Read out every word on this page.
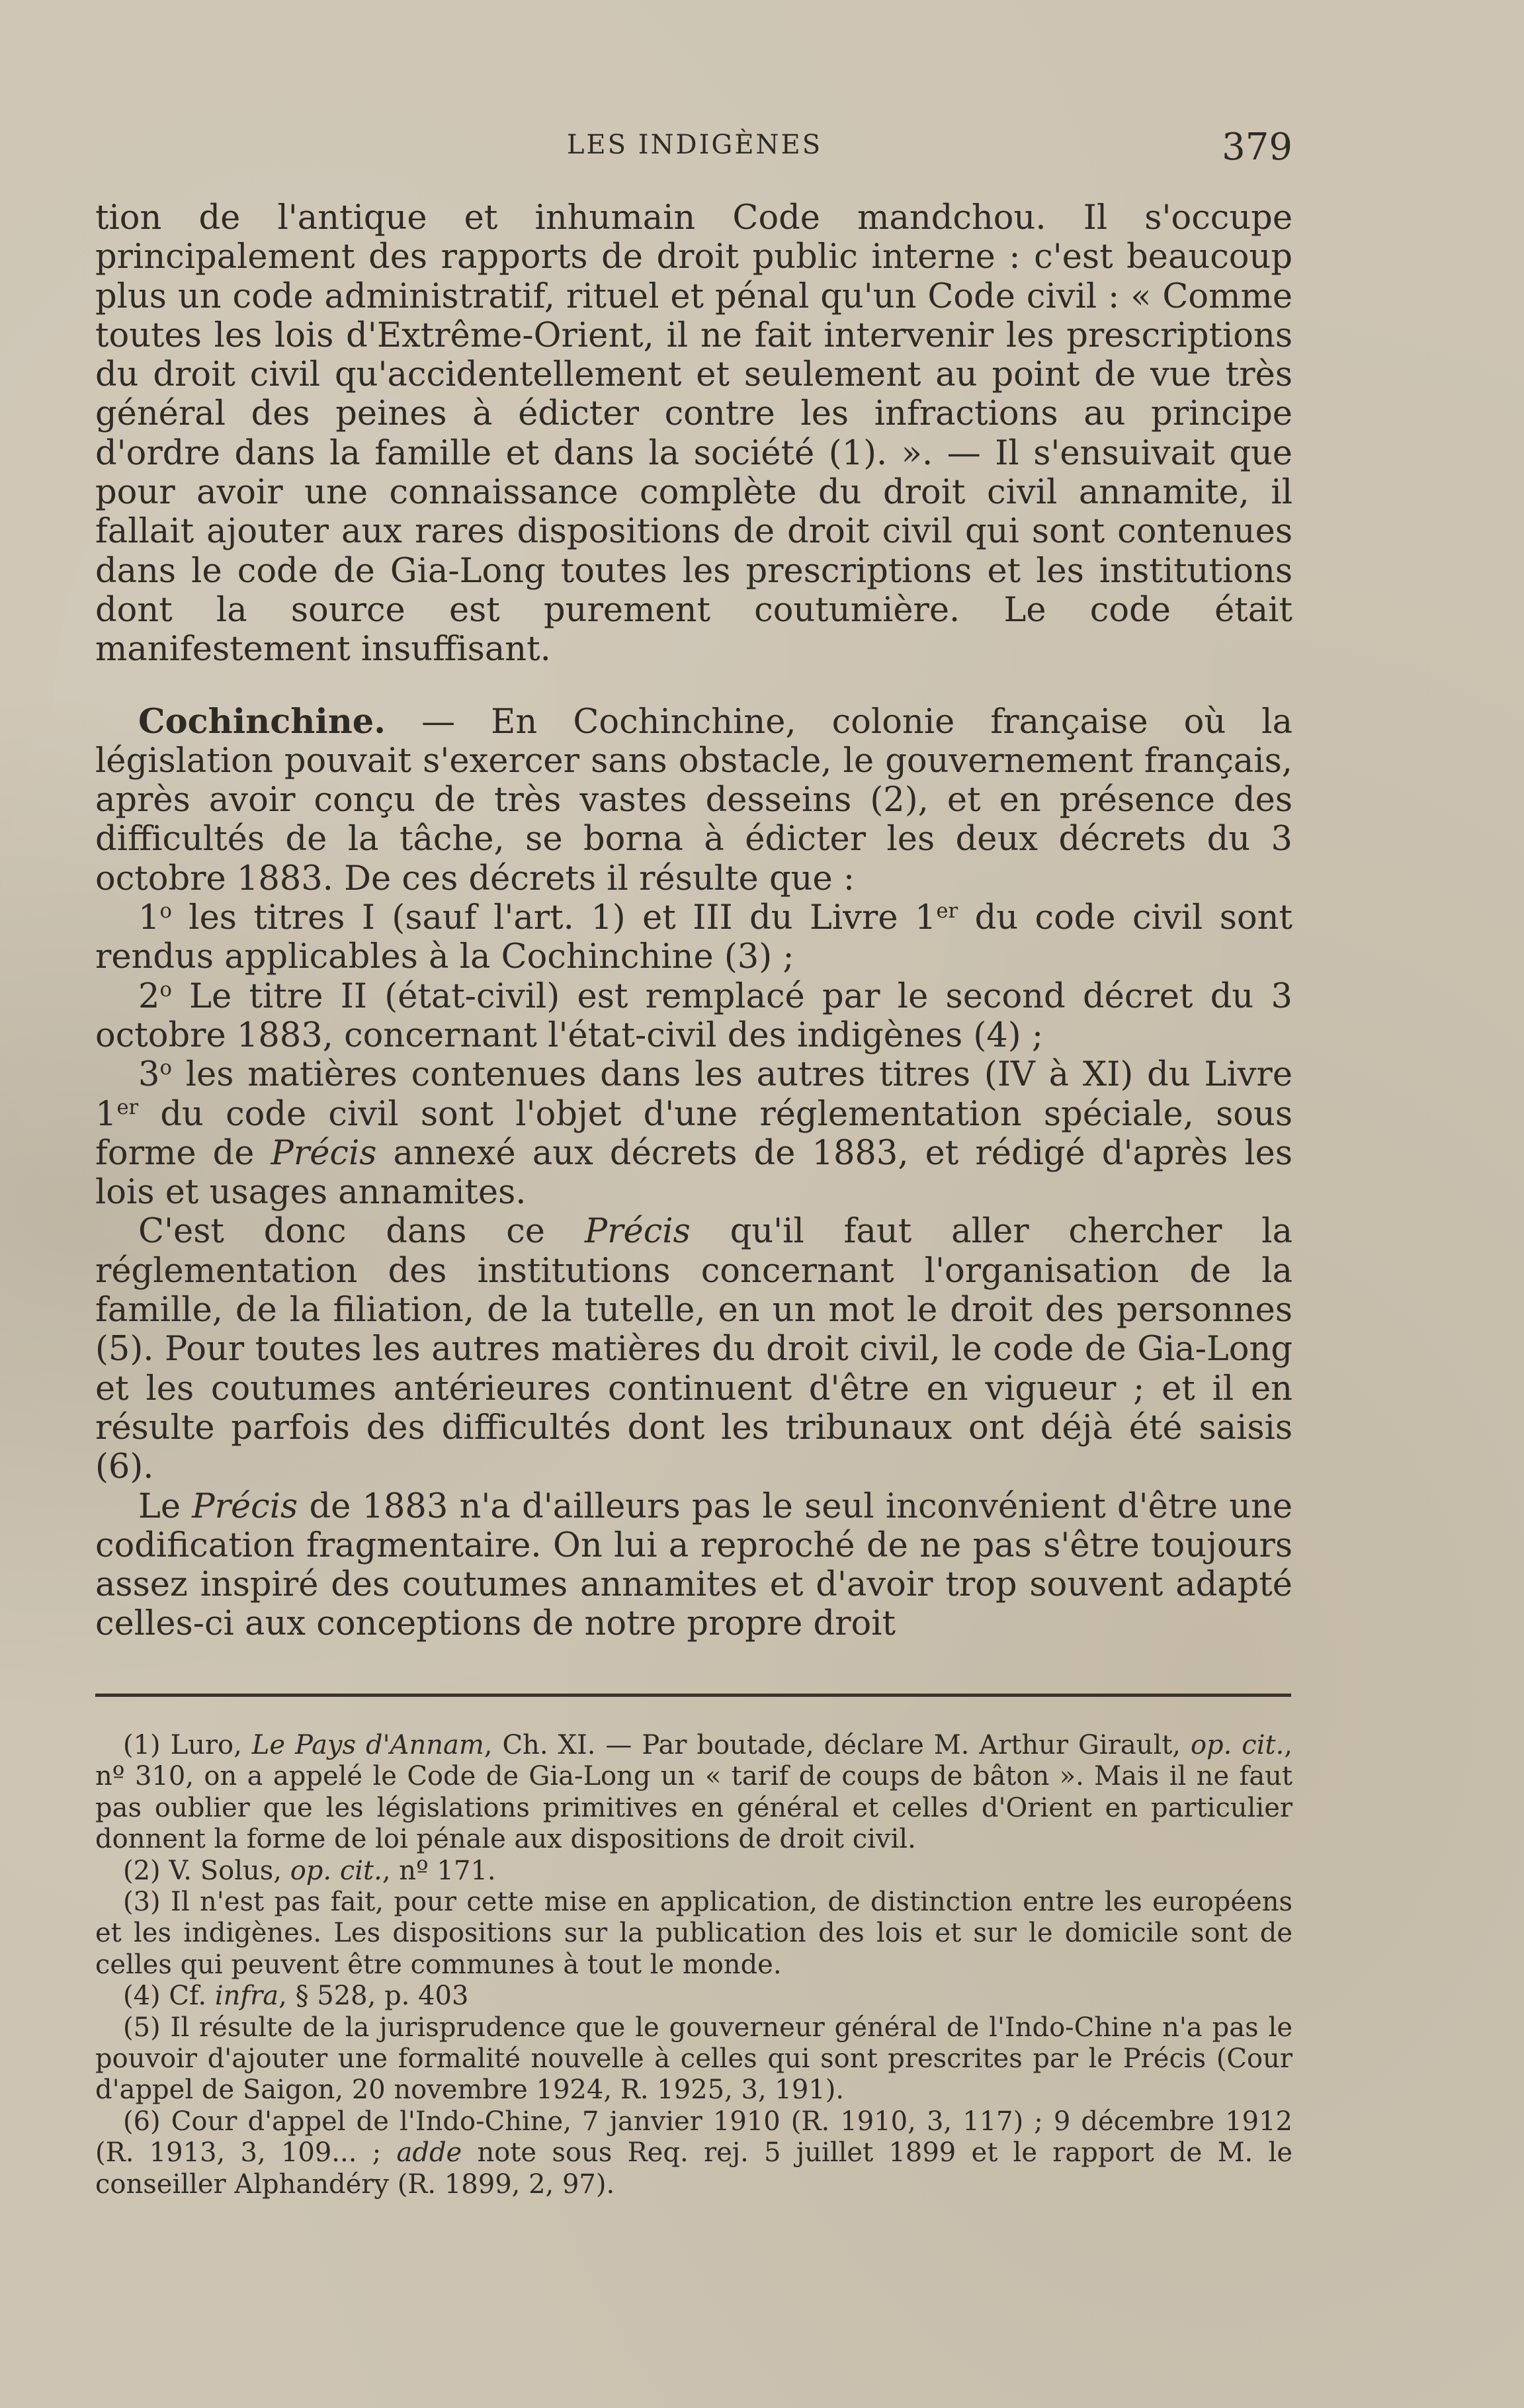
LES INDIGÈNES	379

tion de l'antique et inhumain Code mandchou. Il s'occupe principalement des rapports de droit public interne : c'est beaucoup plus un code administratif, rituel et pénal qu'un Code civil : « Comme toutes les lois d'Extrême-Orient, il ne fait intervenir les prescriptions du droit civil qu'accidentellement et seulement au point de vue très général des peines à édicter contre les infractions au principe d'ordre dans la famille et dans la société (1). ». — Il s'ensuivait que pour avoir une connaissance complète du droit civil annamite, il fallait ajouter aux rares dispositions de droit civil qui sont contenues dans le code de Gia-Long toutes les prescriptions et les institutions dont la source est purement coutumière. Le code était manifestement insuffisant.

Cochinchine. — En Cochinchine, colonie française où la législation pouvait s'exercer sans obstacle, le gouvernement français, après avoir conçu de très vastes desseins (2), et en présence des difficultés de la tâche, se borna à édicter les deux décrets du 3 octobre 1883. De ces décrets il résulte que :

1$^o$ les titres I (sauf l'art. 1) et III du Livre 1er du code civil sont rendus applicables à la Cochinchine (3) ;

2$^o$ Le titre II (état-civil) est remplacé par le second décret du 3 octobre 1883, concernant l'état-civil des indigènes (4) ;

3$^o$ les matières contenues dans les autres titres (IV à XI) du Livre 1er du code civil sont l'objet d'une réglementation spéciale, sous forme de Précis annexé aux décrets de 1883, et rédigé d'après les lois et usages annamites.

C'est donc dans ce Précis qu'il faut aller chercher la réglementation des institutions concernant l'organisation de la famille, de la filiation, de la tutelle, en un mot le droit des personnes (5). Pour toutes les autres matières du droit civil, le code de Gia-Long et les coutumes antérieures continuent d'être en vigueur ; et il en résulte parfois des difficultés dont les tribunaux ont déjà été saisis (6).

Le Précis de 1883 n'a d'ailleurs pas le seul inconvénient d'être une codification fragmentaire. On lui a reproché de ne pas s'être toujours assez inspiré des coutumes annamites et d'avoir trop souvent adapté celles-ci aux conceptions de notre propre droit

(1) Luro, Le Pays d'Annam, Ch. XI. — Par boutade, déclare M. Arthur Girault, op. cit., nº 310, on a appelé le Code de Gia-Long un « tarif de coups de bâton ». Mais il ne faut pas oublier que les législations primitives en général et celles d'Orient en particulier donnent la forme de loi pénale aux dispositions de droit civil.

(2) V. Solus, op. cit., nº 171.

(3) Il n'est pas fait, pour cette mise en application, de distinction entre les européens et les indigènes. Les dispositions sur la publication des lois et sur le domicile sont de celles qui peuvent être communes à tout le monde.

(4) Cf. infra, § 528, p. 403

(5) Il résulte de la jurisprudence que le gouverneur général de l'Indo-Chine n'a pas le pouvoir d'ajouter une formalité nouvelle à celles qui sont prescrites par le Précis (Cour d'appel de Saigon, 20 novembre 1924, R. 1925, 3, 191).

(6) Cour d'appel de l'Indo-Chine, 7 janvier 1910 (R. 1910, 3, 117) ; 9 décembre 1912 (R. 1913, 3, 109... ; adde note sous Req. rej. 5 juillet 1899 et le rapport de M. le conseiller Alphandéry (R. 1899, 2, 97).
